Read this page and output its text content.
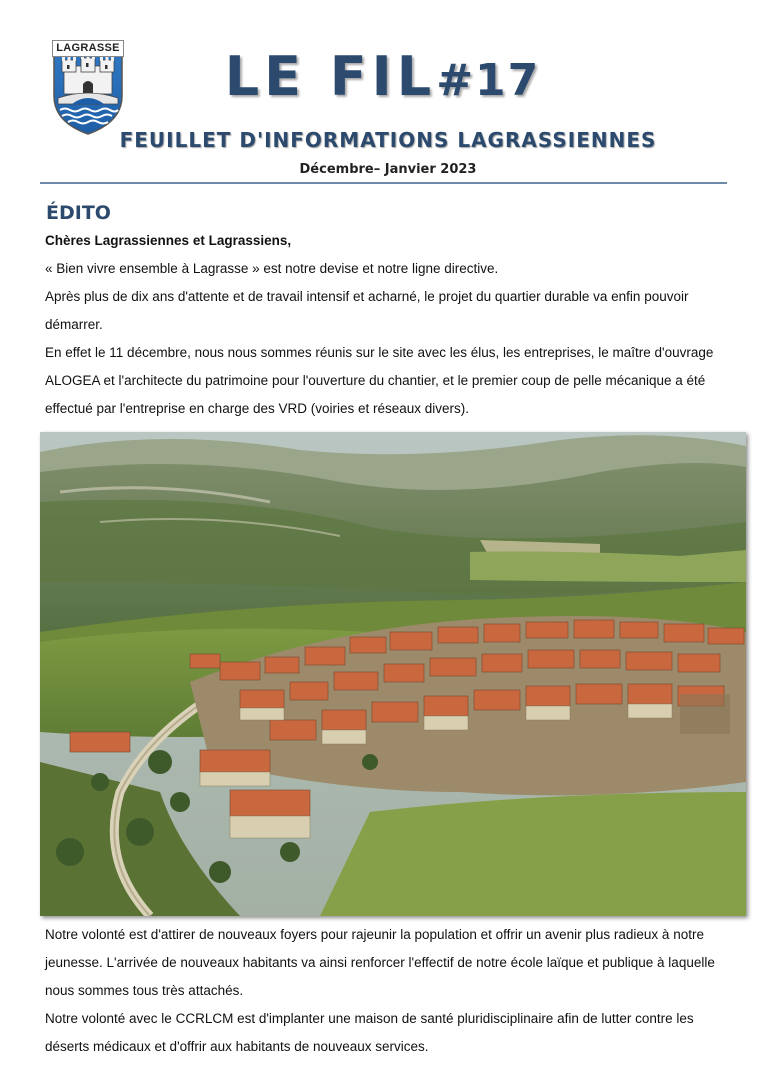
LAGRASSE	LE FIL#17
FEUILLET D'INFORMATIONS LAGRASSIENNES
Décembre– Janvier 2023
ÉDITO

Chères Lagrassiennes et Lagrassiens,

« Bien vivre ensemble à Lagrasse » est notre devise et notre ligne directive.

Après plus de dix ans d'attente et de travail intensif et acharné, le projet du quartier durable va enfin pouvoir démarrer.

En effet le 11 décembre, nous nous sommes réunis sur le site avec les élus, les entreprises, le maître d'ouvrage ALOGEA et l'architecte du patrimoine pour l'ouverture du chantier, et le premier coup de pelle mécanique a été effectué par l'entreprise en charge des VRD (voiries et réseaux divers).

Notre volonté est d'attirer de nouveaux foyers pour rajeunir la population et offrir un avenir plus radieux à notre jeunesse. L'arrivée de nouveaux habitants va ainsi renforcer l'effectif de notre école laïque et publique à laquelle nous sommes tous très attachés.

Notre volonté avec le CCRLCM est d'implanter une maison de santé pluridisciplinaire afin de lutter contre les déserts médicaux et d'offrir aux habitants de nouveaux services.
